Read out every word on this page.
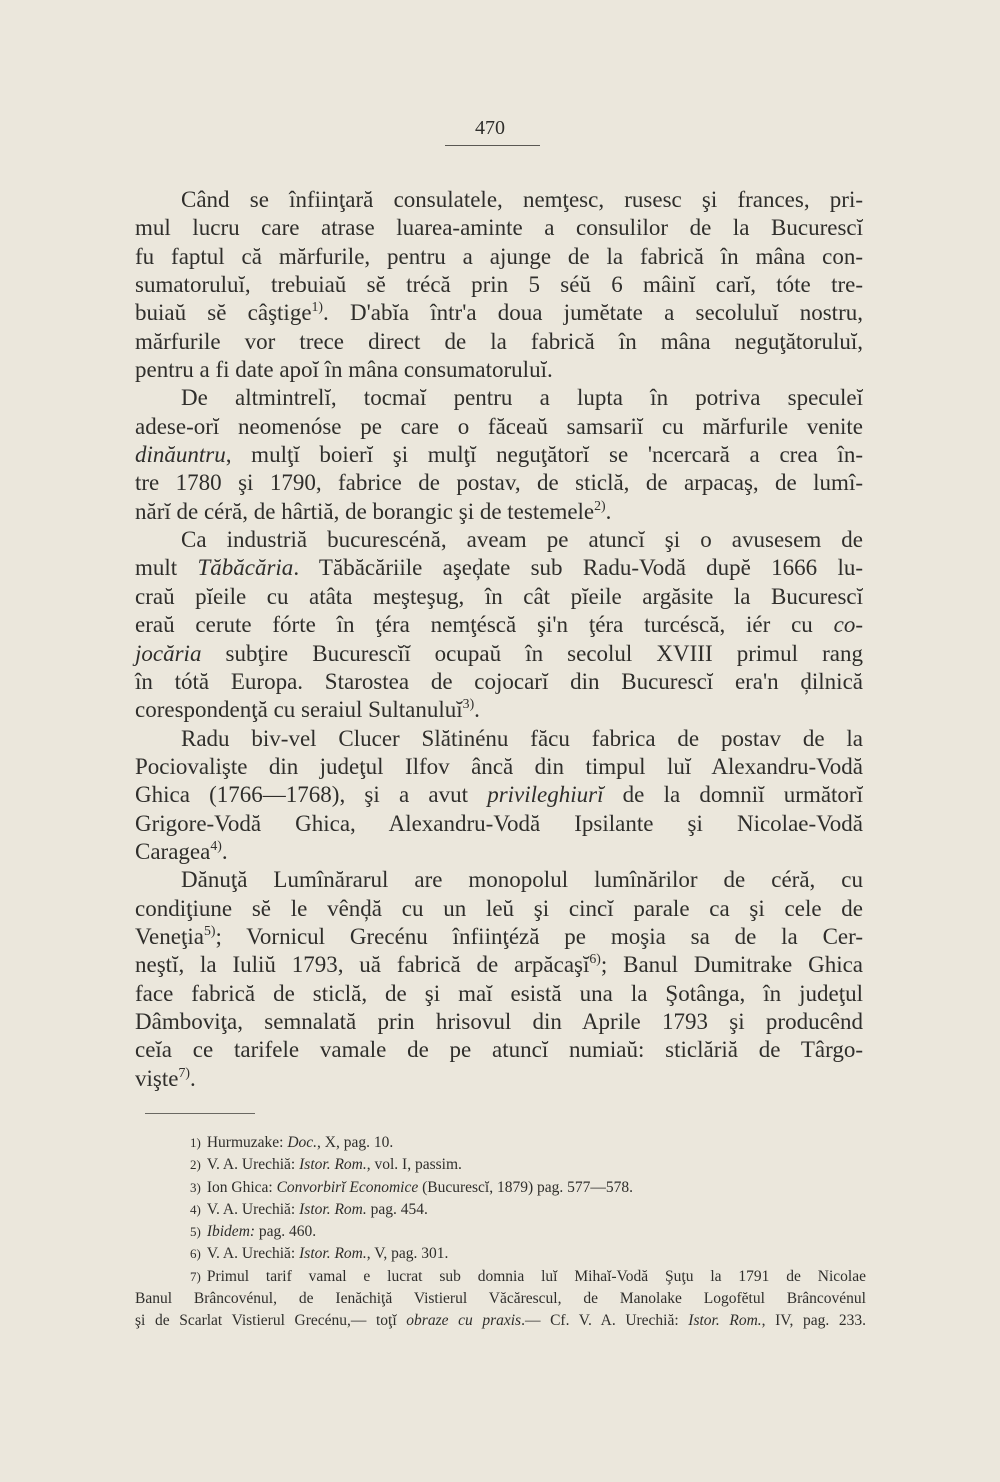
470
Când se înfiinţară consulatele, nemţesc, rusesc şi frances, pri-
mul lucru care atrase luarea-aminte a consulilor de la Bucurescĭ
fu faptul că mărfurile, pentru a ajunge de la fabrică în mâna con-
sumatoruluĭ, trebuiaŭ sĕ trécă prin 5 séŭ 6 mâinĭ carĭ, tóte tre-
buiaŭ sĕ câştige$^{1)}$. D'abĭa într'a doua jumĕtate a secoluluĭ nostru,
mărfurile vor trece direct de la fabrică în mâna neguţătoruluĭ,
pentru a fi date apoĭ în mâna consumatoruluĭ.
De altmintrelĭ, tocmaĭ pentru a lupta în potriva speculeĭ
adese-orĭ neomenóse pe care o făceaŭ samsariĭ cu mărfurile venite
dinăuntru, mulţĭ boierĭ şi mulţĭ neguţătorĭ se 'ncercară a crea în-
tre 1780 şi 1790, fabrice de postav, de sticlă, de arpacaş, de lumî-
nărĭ de céră, de hârtiă, de borangic şi de testemele$^{2)}$.
Ca industriă bucurescénă, aveam pe atuncĭ şi o avusesem de
mult Tăbăcăria. Tăbăcăriile aşeḑate sub Radu-Vodă dupĕ 1666 lu-
craŭ pĭeile cu atâta meşteşug, în cât pĭeile argăsite la Bucurescĭ
eraŭ cerute fórte în ţéra nemţéscă şi'n ţéra turcéscă, iér cu co-
jocăria subţire Bucurescĭĭ ocupaŭ în secolul XVIII primul rang
în tótă Europa. Starostea de cojocarĭ din Bucurescĭ era'n ḑilnică
corespondenţă cu seraiul Sultanuluĭ$^{3)}$.
Radu biv-vel Clucer Slătinénu făcu fabrica de postav de la
Pociovalişte din judeţul Ilfov âncă din timpul luĭ Alexandru-Vodă
Ghica (1766—1768), şi a avut privileghiurĭ de la domniĭ următorĭ
Grigore-Vodă Ghica, Alexandru-Vodă Ipsilante şi Nicolae-Vodă
Caragea$^{4)}$.
Dănuţă Lumînărarul are monopolul lumînărilor de céră, cu
condiţiune sĕ le vênḑă cu un leŭ şi cincĭ parale ca şi cele de
Veneţia$^{5)}$; Vornicul Grecénu înfiinţéză pe moşia sa de la Cer-
neştĭ, la Iuliŭ 1793, uă fabrică de arpăcaşĭ$^{6)}$; Banul Dumitrake Ghica
face fabrică de sticlă, de şi maĭ esistă una la Şotânga, în judeţul
Dâmboviţa, semnalată prin hrisovul din Aprile 1793 şi producênd
ceĭa ce tarifele vamale de pe atuncĭ numiaŭ: sticlăriă de Târgo-
vişte$^{7)}$.
1) Hurmuzake: Doc., X, pag. 10.
2) V. A. Urechiă: Istor. Rom., vol. I, passim.
3) Ion Ghica: Convorbirĭ Economice (Bucurescĭ, 1879) pag. 577—578.
4) V. A. Urechiă: Istor. Rom. pag. 454.
5) Ibidem: pag. 460.
6) V. A. Urechiă: Istor. Rom., V, pag. 301.
7) Primul tarif vamal e lucrat sub domnia luĭ Mihaĭ-Vodă Şuţu la 1791 de Nicolae
Banul Brâncovénul, de Ienăchiţă Vistierul Văcărescul, de Manolake Logofĕtul Brâncovénul
şi de Scarlat Vistierul Grecénu,— toţĭ obraze cu praxis.— Cf. V. A. Urechiă: Istor. Rom., IV, pag. 233.
